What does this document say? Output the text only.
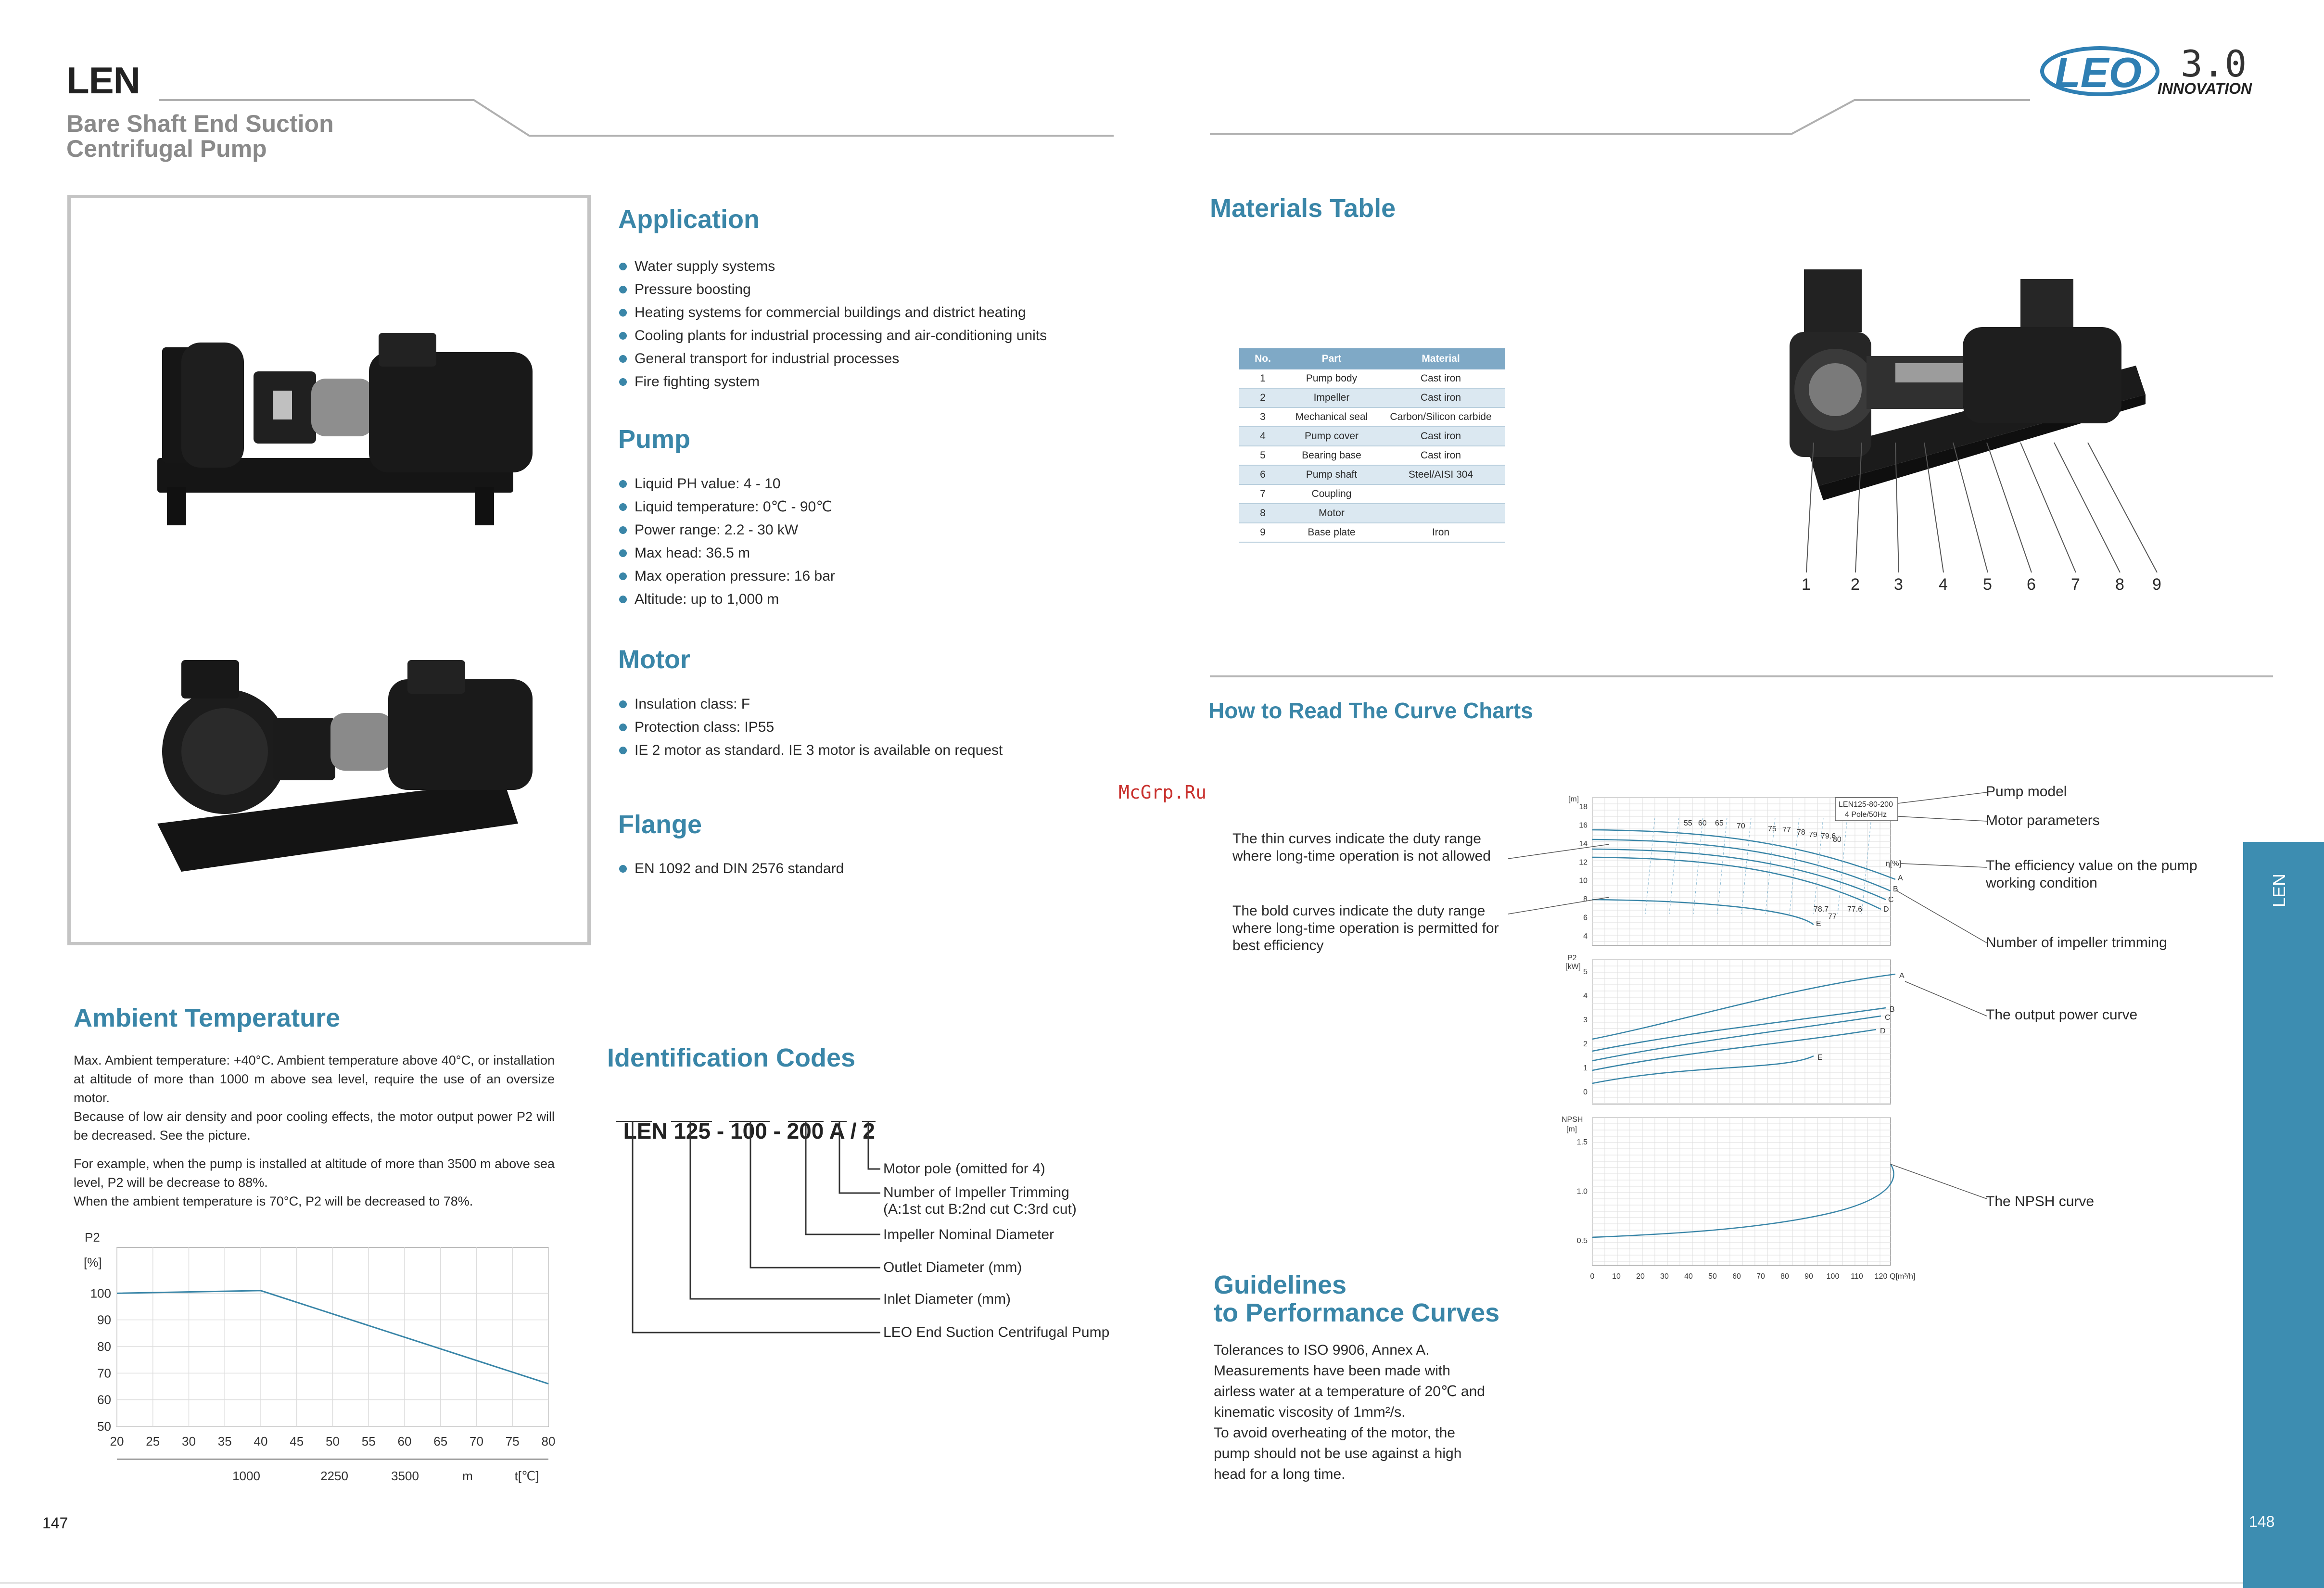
LEN
Bare Shaft End Suction
Centrifugal Pump
LEO 3.0
INNOVATION
Application
Water supply systems
Pressure boosting
Heating systems for commercial buildings and district heating
Cooling plants for industrial processing and air-conditioning units
General transport for industrial processes
Fire fighting system
Pump
Liquid PH value: 4 - 10
Liquid temperature: 0℃ - 90℃
Power range: 2.2 - 30 kW
Max head: 36.5 m
Max operation pressure: 16 bar
Altitude: up to 1,000 m
Motor
Insulation class: F
Protection class: IP55
IE 2 motor as standard. IE 3 motor is available on request
Flange
EN 1092 and DIN 2576 standard
Ambient Temperature
Max. Ambient temperature: +40°C. Ambient temperature above 40°C, or installation at altitude of more than 1000 m above sea level, require the use of an oversize motor.
Because of low air density and poor cooling effects, the motor output power P2 will be decreased. See the picture.
For example, when the pump is installed at altitude of more than 3500 m above sea level, P2 will be decrease to 88%.
When the ambient temperature is 70°C, P2 will be decreased to 78%.
P2
[%]
50
60
70
80
90
100
20 25 30 35 40 45 50 55 60 65 70 75 80
1000	2250	3500	m	t[℃]
Identification Codes

LEN 125 - 100 - 200 A / 2

Motor pole (omitted for 4)
Number of Impeller Trimming
(A:1st cut B:2nd cut C:3rd cut)
Impeller Nominal Diameter
Outlet Diameter (mm)
Inlet Diameter (mm)
LEO End Suction Centrifugal Pump
Materials Table
No.	Part	Material
1	Pump body	Cast iron
2	Impeller	Cast iron
3	Mechanical seal	Carbon/Silicon carbide
4	Pump cover	Cast iron
5	Bearing base	Cast iron
6	Pump shaft	Steel/AISI 304
7	Coupling	
8	Motor	
9	Base plate	Iron
1 2 3 4 5 6 7 8 9
How to Read The Curve Charts
McGrp.Ru
The thin curves indicate the duty range where long-time operation is not allowed
The bold curves indicate the duty range where long-time operation is permitted for best efficiency
[m]
4
6
8
10
12
14
16
18	LEN125-80-200
4 Pole/50Hz
55 60 65 70	75 77 78 79 79.6
80
η[%]
A
B
C
D
E
78.7
77
77.6
P2
[kW]
0
1
2
3
4
5	A
B
C
D
E
NPSH
[m]
0.5
1.0
1.5
0 10 20 30 40 50 60 70 80 90 100 110 120 Q[m³/h]
Pump model
Motor parameters
The efficiency value on the pump working condition
Number of impeller trimming
The output power curve
The NPSH curve
Guidelines
to Performance Curves
Tolerances to ISO 9906, Annex A.
Measurements have been made with
airless water at a temperature of 20℃ and
kinematic viscosity of 1mm²/s.
To avoid overheating of the motor, the
pump should not be use against a high
head for a long time.
LEN
148
147
